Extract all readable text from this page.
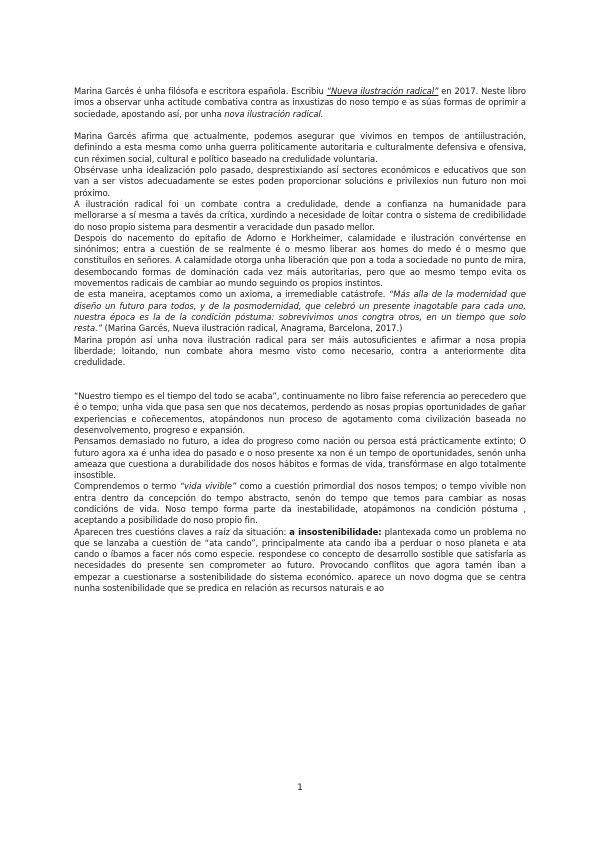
Marina Garcés é unha filósofa e escritora española. Escribiu “Nueva ilustración radical” en 2017. Neste libro imos a observar unha actitude combativa contra as inxustizas do noso tempo e as súas formas de oprimir a sociedade, apostando así, por unha nova ilustración radical.

Marina Garcés afirma que actualmente, podemos asegurar que vivimos en tempos de antiilustración, definindo a esta mesma como unha guerra politicamente autoritaria e culturalmente defensiva e ofensiva, cun réximen social, cultural e político baseado na credulidade voluntaria.

Obsérvase unha idealización polo pasado, desprestixiando así sectores económicos e educativos que son van a ser vistos adecuadamente se estes poden proporcionar solucións e privilexios nun futuro non moi próximo.

A ilustración radical foi un combate contra a credulidade, dende a confianza na humanidade para mellorarse a sí mesma a tavés da crítica, xurdindo a necesidade de loitar contra o sistema de credibilidade do noso propio sistema para desmentir a veracidade dun pasado mellor.

Despois do nacemento do epitafio de Adorno e Horkheimer, calamidade e ilustración convértense en sinónimos; entra a cuestión de se realmente é o mesmo liberar aos homes do medo é o mesmo que constituílos en señores. A calamidade otorga unha liberación que pon a toda a sociedade no punto de mira, desembocando formas de dominación cada vez máis autoritarias, pero que ao mesmo tempo evita os movementos radicais de cambiar ao mundo seguindo os propios instintos.

de esta maneira, aceptamos como un axioma, a irremediable catástrofe. “Más alla de la modernidad que diseño un futuro para todos, y de la posmodernidad, que celebró un presente inagotable para cada uno, nuestra época es la de la condición póstuma: sobrevivimos unos congtra otros, en un tiempo que solo resta.” (Marina Garcés, Nueva ilustración radical, Anagrama, Barcelona, 2017.)

Marina propón así unha nova ilustración radical para ser máis autosuficientes e afirmar a nosa propia liberdade; loitando, nun combate ahora mesmo visto como necesario, contra a anteriormente dita credulidade.

“Nuestro tiempo es el tiempo del todo se acaba”, continuamente no libro faise referencia ao perecedero que é o tempo; unha vida que pasa sen que nos decatemos, perdendo as nosas propias oportunidades de gañar experiencias e coñecementos, atopándonos nun proceso de agotamento coma civilización baseada no desenvolvemento, progreso e expansión.

Pensamos demasiado no futuro, a idea do progreso como nación ou persoa está prácticamente extinto; O futuro agora xa é unha idea do pasado e o noso presente xa non é un tempo de oportunidades, senón unha ameaza que cuestiona a durabilidade dos nosos hábitos e formas de vida, transfórmase en algo totalmente insostible.

Comprendemos o termo “vida vivible” como a cuestión primordial dos nosos tempos; o tempo vivible non entra dentro da concepción do tempo abstracto, senón do tempo que temos para cambiar as nosas condicións de vida. Noso tempo forma parte da inestabilidade, atopámonos na condición póstuma , aceptando a posibilidade do noso propio fin.

Aparecen tres cuestións claves a raíz da situación: a insostenibilidade: plantexada como un problema no que se lanzaba a cuestión de “ata cando”, principalmente ata cando iba a perduar o noso planeta e ata cando o íbamos a facer nós como especie. respondese co concepto de desarrollo sostible que satisfaría as necesidades do presente sen comprometer ao futuro. Provocando conflitos que agora tamén iban a empezar a cuestionarse a sostenibilidade do sistema económico. aparece un novo dogma que se centra nunha sostenibilidade que se predica en relación as recursos naturais e ao

1
